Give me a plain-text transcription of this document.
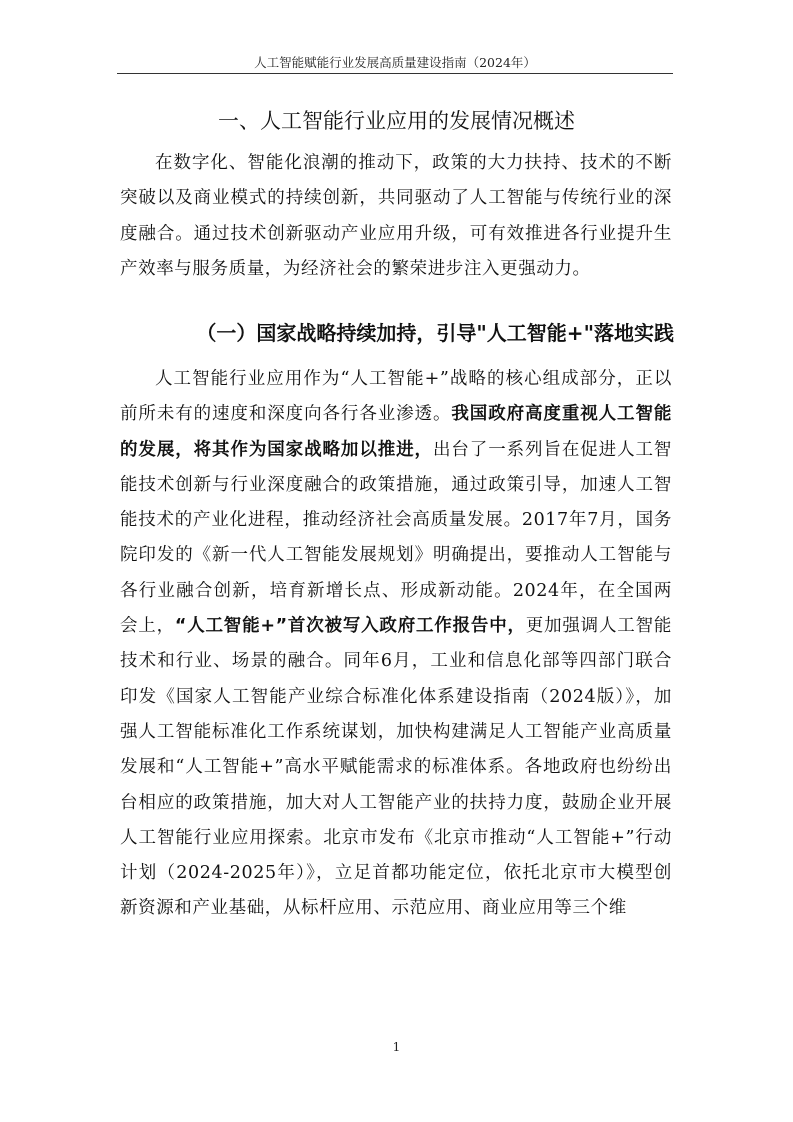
人工智能赋能行业发展高质量建设指南（2024年）
一、人工智能行业应用的发展情况概述

在数字化、智能化浪潮的推动下，政策的大力扶持、技术的不断突破以及商业模式的持续创新，共同驱动了人工智能与传统行业的深度融合。通过技术创新驱动产业应用升级，可有效推进各行业提升生产效率与服务质量，为经济社会的繁荣进步注入更强动力。

（一）国家战略持续加持，引导"人工智能+"落地实践

人工智能行业应用作为“人工智能+”战略的核心组成部分，正以前所未有的速度和深度向各行各业渗透。我国政府高度重视人工智能的发展，将其作为国家战略加以推进，出台了一系列旨在促进人工智能技术创新与行业深度融合的政策措施，通过政策引导，加速人工智能技术的产业化进程，推动经济社会高质量发展。2017年7月，国务院印发的《新一代人工智能发展规划》明确提出，要推动人工智能与各行业融合创新，培育新增长点、形成新动能。2024年，在全国两会上，“人工智能+”首次被写入政府工作报告中，更加强调人工智能技术和行业、场景的融合。同年6月，工业和信息化部等四部门联合印发《国家人工智能产业综合标准化体系建设指南（2024版）》，加强人工智能标准化工作系统谋划，加快构建满足人工智能产业高质量发展和“人工智能+”高水平赋能需求的标准体系。各地政府也纷纷出台相应的政策措施，加大对人工智能产业的扶持力度，鼓励企业开展人工智能行业应用探索。北京市发布《北京市推动“人工智能+”行动计划（2024-2025年）》，立足首都功能定位，依托北京市大模型创新资源和产业基础，从标杆应用、示范应用、商业应用等三个维

1
